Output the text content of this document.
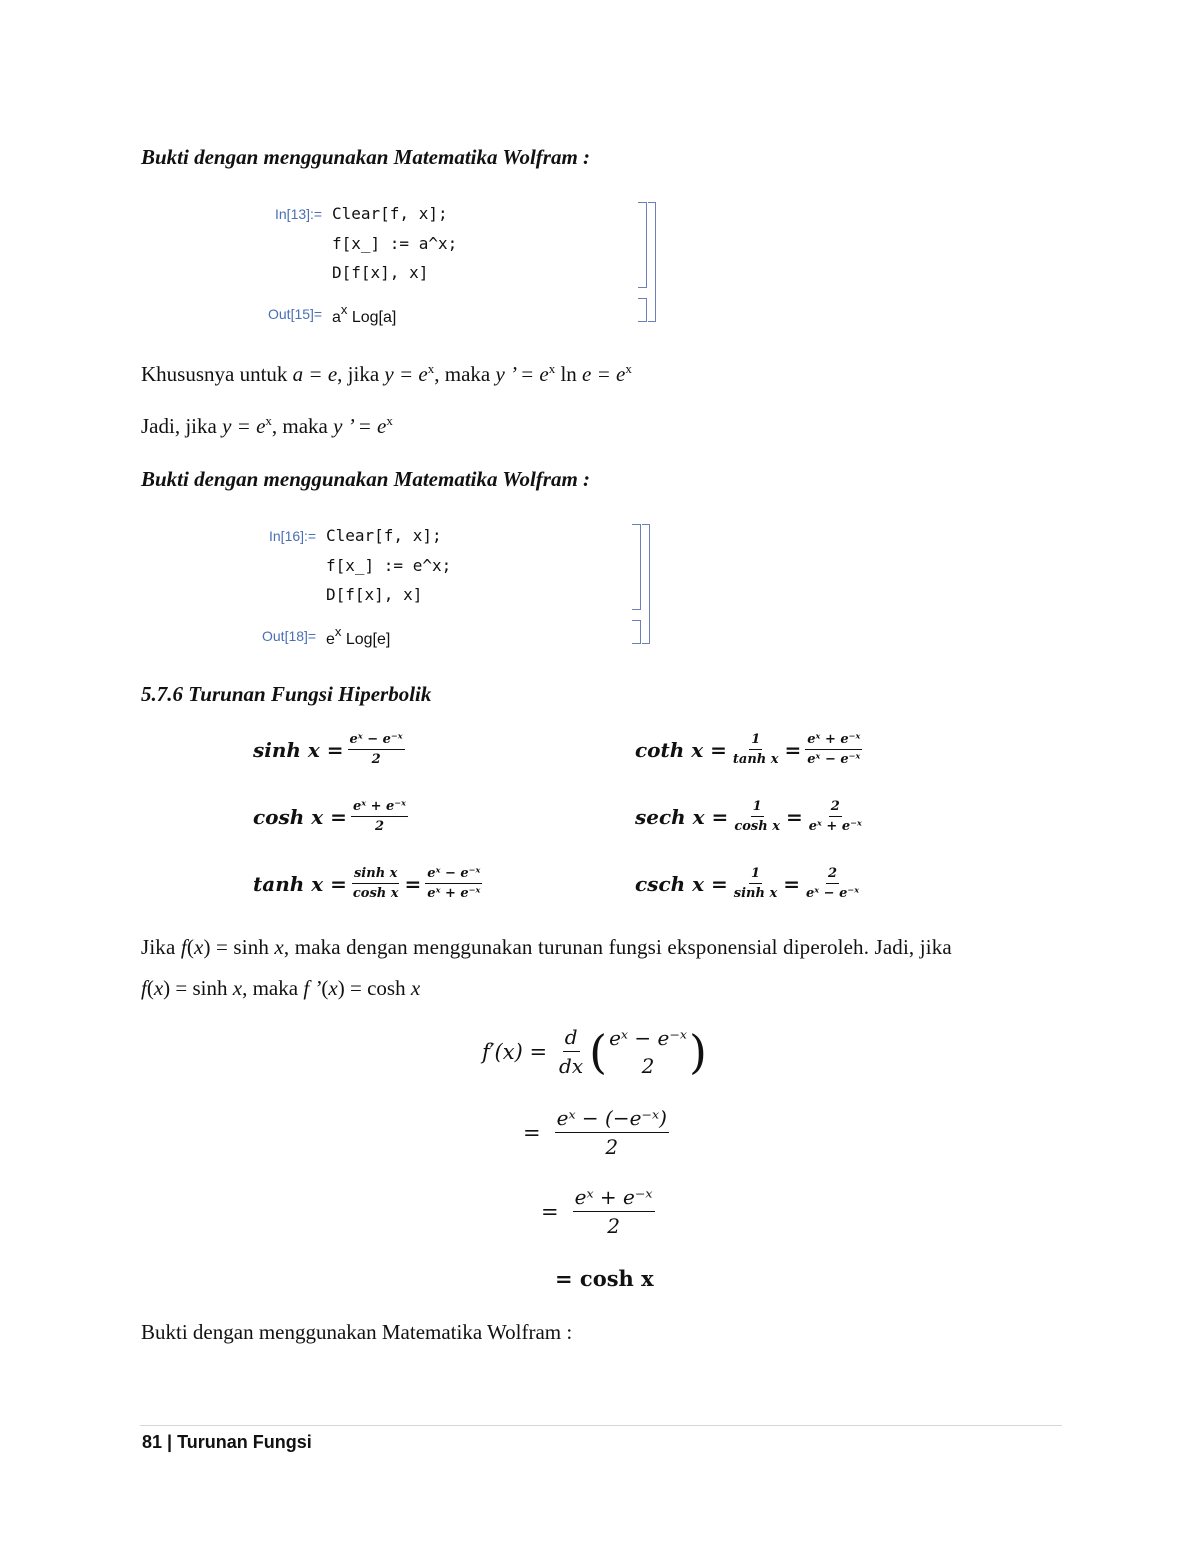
Bukti dengan menggunakan Matematika Wolfram :
In[13]:= Clear[f, x];
f[x_] := a^x;
D[f[x], x]
$Out[15]= a^x$ Log[a]
Khususnya untuk a = e, jika $y = e^x$, maka y ’ = $e^x$ $\ln e = e^x$
Jadi, jika $y = e^x$, maka y ’ = $e^x$
Bukti dengan menggunakan Matematika Wolfram :
In[16]:= Clear[f, x];
f[x_] := e^x;
D[f[x], x]
$Out[18]= e^x$ Log[e]
5.7.6 Turunan Fungsi Hiperbolik
$\sinh x = \frac{\text{eˣ − e⁻ˣ}}{2}$
$\cosh x = \frac{\text{eˣ + e⁻ˣ}}{2}$
$\tanh x = \frac{\text{sinh x}}{\text{cosh x}} = \frac{\text{eˣ − e⁻ˣ}}{\text{eˣ + e⁻ˣ}}$
coth $x = \frac{1}{\text{tanh x}} = \frac{\text{eˣ + e⁻ˣ}}{\text{eˣ − e⁻ˣ}}$
sech $x = \frac{1}{\text{cosh x}} = \frac{2}{\text{eˣ + e⁻ˣ}}$
csch $x = \frac{1}{\text{sinh x}} = \frac{2}{\text{eˣ − e⁻ˣ}}$
Jika f(x) = sinh x, maka dengan menggunakan turunan fungsi eksponensial diperoleh. Jadi, jika
f(x) = sinh x, maka f ’(x) = cosh x
$f'(x) = \frac{d}{dx}$ ( eˣ − e⁻ˣ
2 )
= $\frac{\text{eˣ − (−e⁻ˣ)}}{2}$
= $\frac{\text{eˣ + e⁻ˣ}}{2}$
= cosh x
Bukti dengan menggunakan Matematika Wolfram :
81 | Turunan Fungsi
